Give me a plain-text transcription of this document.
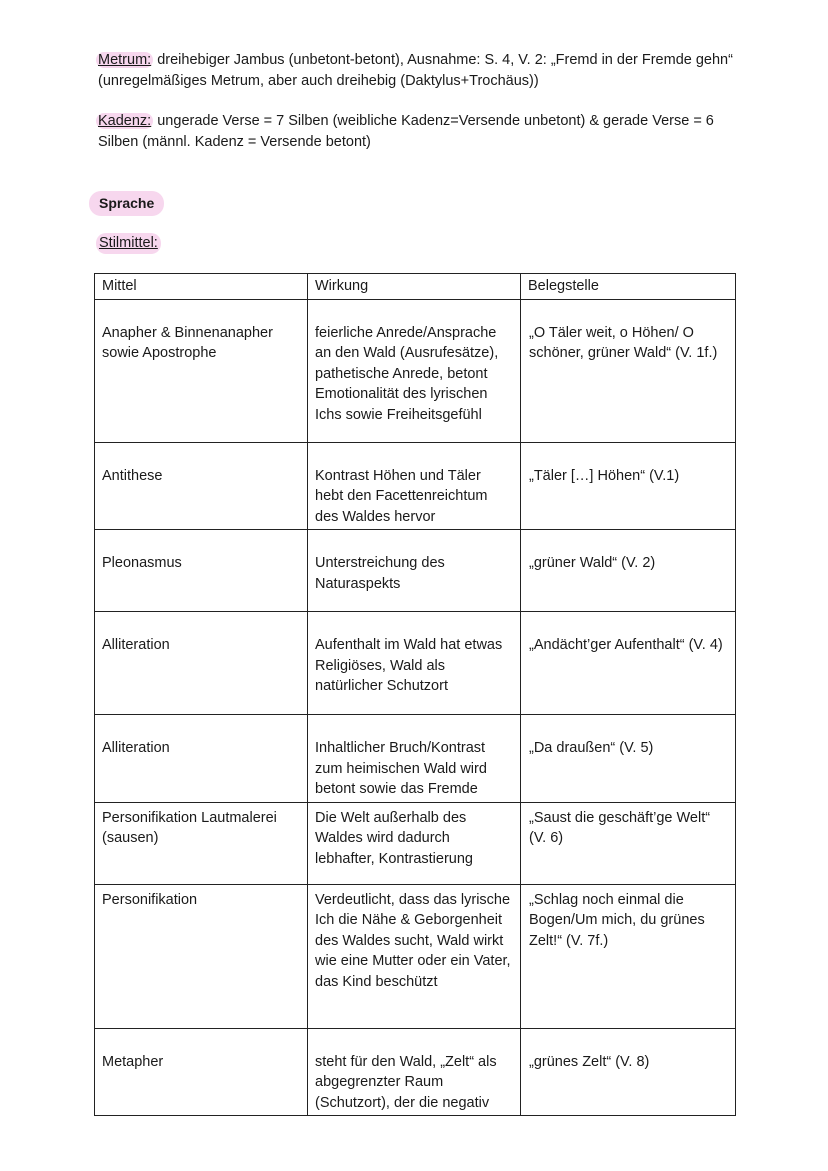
Metrum: dreihebiger Jambus (unbetont-betont), Ausnahme: S. 4, V. 2: „Fremd in der Fremde gehn“ (unregelmäßiges Metrum, aber auch dreihebig (Daktylus+Trochäus))

Kadenz: ungerade Verse = 7 Silben (weibliche Kadenz=Versende unbetont) & gerade Verse = 6 Silben (männl. Kadenz = Versende betont)

Sprache
Stilmittel:
Mittel	Wirkung	Belegstelle

Anapher & Binnenanapher sowie Apostrophe	feierliche Anrede/Ansprache an den Wald (Ausrufesätze), pathetische Anrede, betont Emotionalität des lyrischen Ichs sowie Freiheitsgefühl	„O Täler weit, o Höhen/ O schöner, grüner Wald“ (V. 1f.)

Antithese	Kontrast Höhen und Täler hebt den Facettenreichtum des Waldes hervor	„Täler […] Höhen“ (V.1)

Pleonasmus	Unterstreichung des Naturaspekts	„grüner Wald“ (V. 2)

Alliteration	Aufenthalt im Wald hat etwas Religiöses, Wald als natürlicher Schutzort	„Andächt’ger Aufenthalt“ (V. 4)

Alliteration	Inhaltlicher Bruch/Kontrast zum heimischen Wald wird betont sowie das Fremde	„Da draußen“ (V. 5)

Personifikation Lautmalerei (sausen)	Die Welt außerhalb des Waldes wird dadurch lebhafter, Kontrastierung	„Saust die geschäft’ge Welt“ (V. 6)

Personifikation	Verdeutlicht, dass das lyrische Ich die Nähe & Geborgenheit des Waldes sucht, Wald wirkt wie eine Mutter oder ein Vater, das Kind beschützt	„Schlag noch einmal die Bogen/Um mich, du grünes Zelt!“ (V. 7f.)

Metapher	steht für den Wald, „Zelt“ als abgegrenzter Raum (Schutzort), der die negativ	„grünes Zelt“ (V. 8)
